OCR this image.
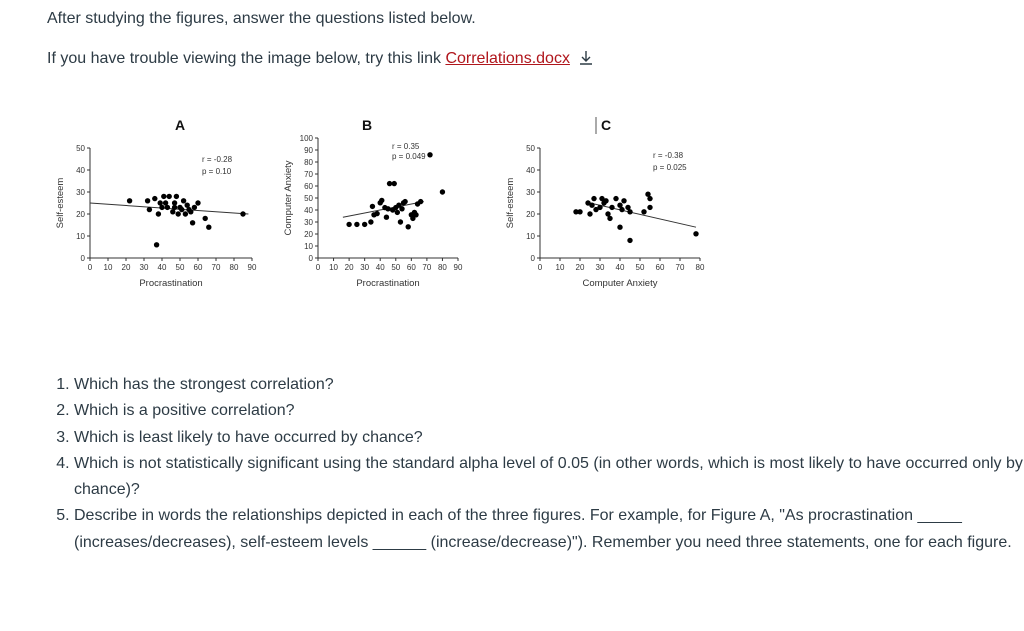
After studying the figures, answer the questions listed below.
If you have trouble viewing the image below, try this link Correlations.docx
A
0 10 20 30 40 50 60 70 80 90
0
10
20
30
40
50
Procrastination
Self-esteem
r = -0.28
p = 0.10
B
0 10 20 30 40 50 60 70 80 90
0
10
20
30
40
50
60
70
80
90
100
Procrastination
Computer Anxiety
r = 0.35
p = 0.049
C
0 10 20 30 40 50 60 70 80
0
10
20
30
40
50
Computer Anxiety
Self-esteem
r = -0.38
p = 0.025
1. Which has the strongest correlation?
2. Which is a positive correlation?
3. Which is least likely to have occurred by chance?
4. Which is not statistically significant using the standard alpha level of 0.05 (in other words, which is most likely to have occurred only by chance)?
5. Describe in words the relationships depicted in each of the three figures. For example, for Figure A, "As procrastination _____ (increases/decreases), self-esteem levels ______ (increase/decrease)"). Remember you need three statements, one for each figure.
